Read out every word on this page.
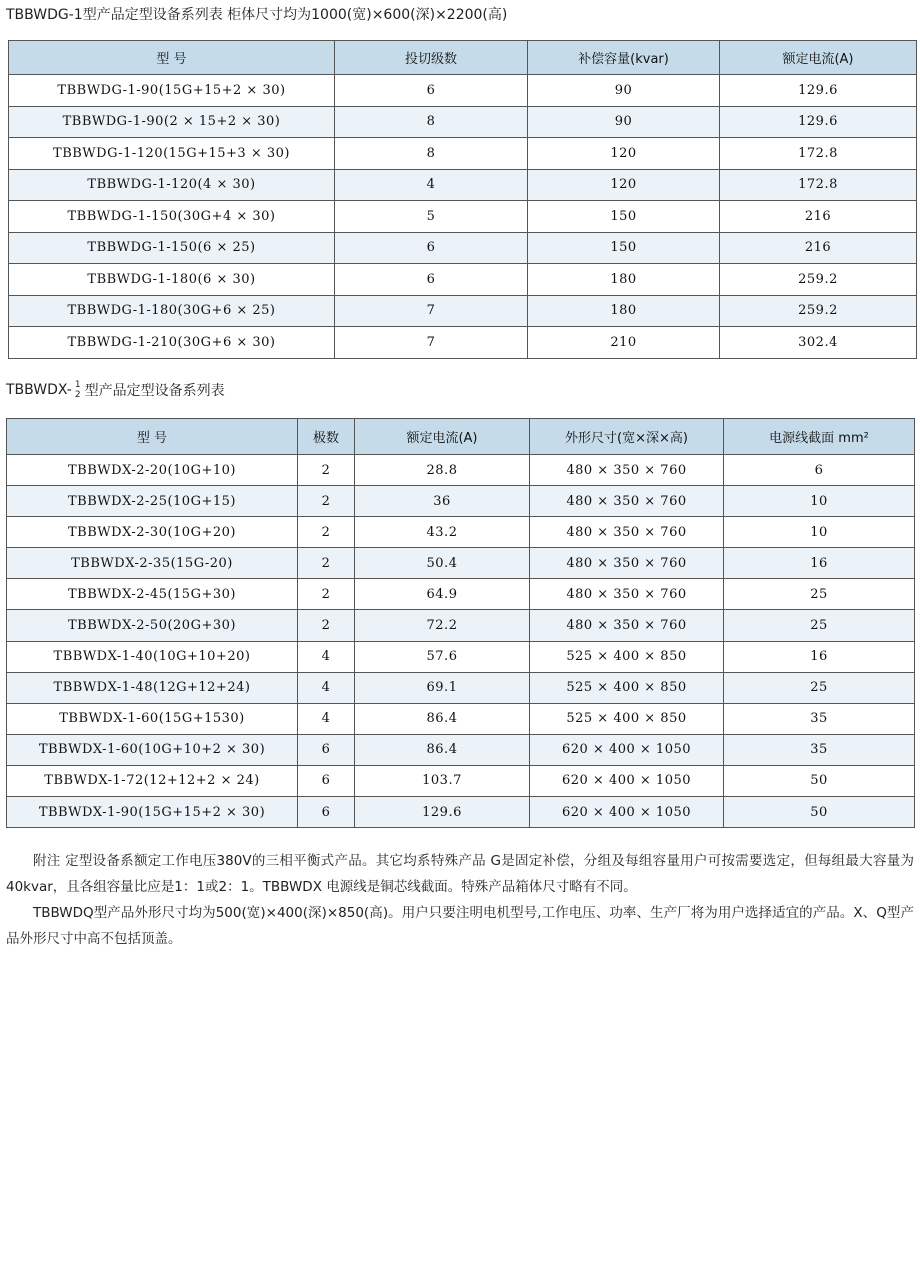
TBBWDG-1型产品定型设备系列表 柜体尺寸均为1000(宽)×600(深)×2200(高)
型 号	投切级数	补偿容量(kvar)	额定电流(A)
TBBWDG-1-90(15G+15+2 × 30)	6	90	129.6
TBBWDG-1-90(2 × 15+2 × 30)	8	90	129.6
TBBWDG-1-120(15G+15+3 × 30)	8	120	172.8
TBBWDG-1-120(4 × 30)	4	120	172.8
TBBWDG-1-150(30G+4 × 30)	5	150	216
TBBWDG-1-150(6 × 25)	6	150	216
TBBWDG-1-180(6 × 30)	6	180	259.2
TBBWDG-1-180(30G+6 × 25)	7	180	259.2
TBBWDG-1-210(30G+6 × 30)	7	210	302.4
TBBWDX- 1
2 型产品定型设备系列表
型 号	极数	额定电流(A)	外形尺寸(宽×深×高)	电源线截面 mm²
TBBWDX-2-20(10G+10)	2	28.8	480 × 350 × 760	6
TBBWDX-2-25(10G+15)	2	36	480 × 350 × 760	10
TBBWDX-2-30(10G+20)	2	43.2	480 × 350 × 760	10
TBBWDX-2-35(15G-20)	2	50.4	480 × 350 × 760	16
TBBWDX-2-45(15G+30)	2	64.9	480 × 350 × 760	25
TBBWDX-2-50(20G+30)	2	72.2	480 × 350 × 760	25
TBBWDX-1-40(10G+10+20)	4	57.6	525 × 400 × 850	16
TBBWDX-1-48(12G+12+24)	4	69.1	525 × 400 × 850	25
TBBWDX-1-60(15G+1530)	4	86.4	525 × 400 × 850	35
TBBWDX-1-60(10G+10+2 × 30)	6	86.4	620 × 400 × 1050	35
TBBWDX-1-72(12+12+2 × 24)	6	103.7	620 × 400 × 1050	50
TBBWDX-1-90(15G+15+2 × 30)	6	129.6	620 × 400 × 1050	50

附注 定型设备系额定工作电压380V的三相平衡式产品。其它均系特殊产品 G是固定补偿，分组及每组容量用户可按需要选定，但每组最大容量为40kvar，且各组容量比应是1：1或2：1。TBBWDX 电源线是铜芯线截面。特殊产品箱体尺寸略有不同。

TBBWDQ型产品外形尺寸均为500(宽)×400(深)×850(高)。用户只要注明电机型号,工作电压、功率、生产厂将为用户选择适宜的产品。X、Q型产品外形尺寸中高不包括顶盖。
